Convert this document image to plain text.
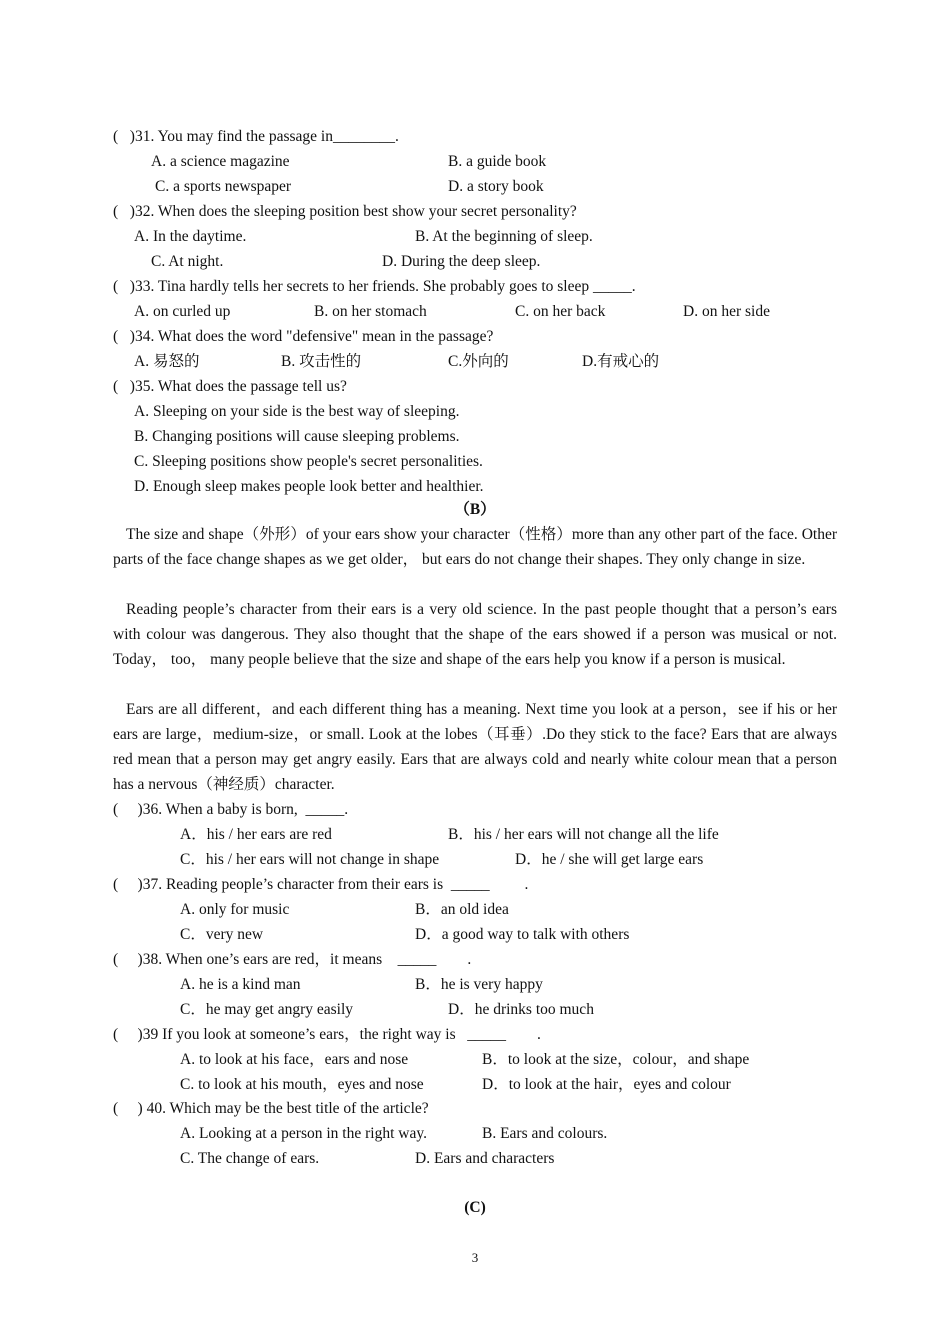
(   )31. You may find the passage in________.
A. a science magazine	B. a guide book
C. a sports newspaper	D. a story book
(   )32. When does the sleeping position best show your secret personality?
A. In the daytime.	B. At the beginning of sleep.
C. At night.	D. During the deep sleep.
(   )33. Tina hardly tells her secrets to her friends. She probably goes to sleep _____.
A. on curled up	B. on her stomach	C. on her back	D. on her side
(   )34. What does the word "defensive" mean in the passage?
A. 易怒的	B. 攻击性的	C.外向的	D.有戒心的
(   )35. What does the passage tell us?
A. Sleeping on your side is the best way of sleeping.
B. Changing positions will cause sleeping problems.
C. Sleeping positions show people's secret personalities.
D. Enough sleep makes people look better and healthier.
（B）
The size and shape（外形）of your ears show your character（性格）more than any other part of the face. Other parts of the face change shapes as we get older， but ears do not change their shapes. They only change in size.
Reading people’s character from their ears is a very old science. In the past people thought that a person’s ears with colour was dangerous. They also thought that the shape of the ears showed if a person was musical or not. Today， too， many people believe that the size and shape of the ears help you know if a person is musical.
Ears are all different，and each different thing has a meaning. Next time you look at a person，see if his or her ears are large，medium-size，or small. Look at the lobes（耳垂）.Do they stick to the face? Ears that are always red mean that a person may get angry easily. Ears that are always cold and nearly white colour mean that a person has a nervous（神经质）character.
(     )36. When a baby is born,  _____.
A．his / her ears are red	B．his / her ears will not change all the life
C．his / her ears will not change in shape	D．he / she will get large ears
(     )37. Reading people’s character from their ears is  _____         .
A. only for music	B．an old idea
C．very new	D．a good way to talk with others
(     )38. When one’s ears are red，it means    _____        .
A. he is a kind man	B．he is very happy
C．he may get angry easily	D．he drinks too much
(     )39 If you look at someone’s ears，the right way is   _____        .
A. to look at his face，ears and nose	B．to look at the size，colour，and shape
C. to look at his mouth，eyes and nose	D．to look at the hair，eyes and colour
(     ) 40. Which may be the best title of the article?
A. Looking at a person in the right way.	B. Ears and colours.
C. The change of ears.	D. Ears and characters
(C)
3
